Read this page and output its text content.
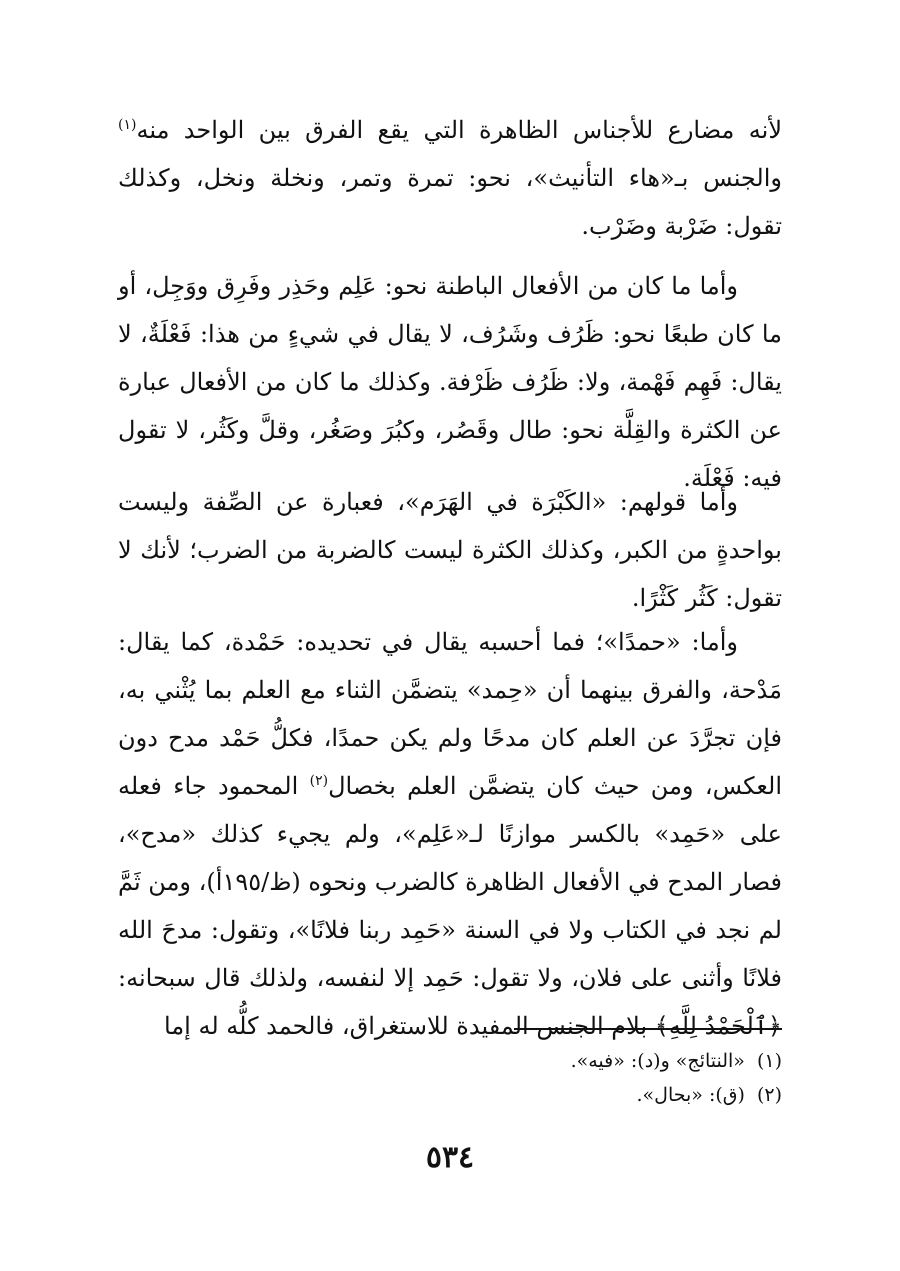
لأنه مضارع للأجناس الظاهرة التي يقع الفرق بين الواحد منه$^{(١)}$ والجنس بـ«هاء التأنيث»، نحو: تمرة وتمر، ونخلة ونخل، وكذلك تقول: ضَرْبة وضَرْب.

وأما ما كان من الأفعال الباطنة نحو: عَلِم وحَذِر وفَرِق ووَجِل، أو ما كان طبعًا نحو: ظَرُف وشَرُف، لا يقال في شيءٍ من هذا: فَعْلَةٌ، لا يقال: فَهِم فَهْمة، ولا: ظَرُف ظَرْفة. وكذلك ما كان من الأفعال عبارة عن الكثرة والقِلَّة نحو: طال وقَصُر، وكبُرَ وصَغُر، وقلَّ وكَثُر، لا تقول فيه: فَعْلَة.

وأما قولهم: «الكَبْرَة في الهَرَم»، فعبارة عن الصِّفة وليست بواحدةٍ من الكبر، وكذلك الكثرة ليست كالضربة من الضرب؛ لأنك لا تقول: كَثُر كَثْرًا.

وأما: «حمدًا»؛ فما أحسبه يقال في تحديده: حَمْدة، كما يقال: مَدْحة، والفرق بينهما أن «حِمد» يتضمَّن الثناء مع العلم بما يُثْني به، فإن تجرَّدَ عن العلم كان مدحًا ولم يكن حمدًا، فكلُّ حَمْد مدح دون العكس، ومن حيث كان يتضمَّن العلم بخصال$^{(٢)}$ المحمود جاء فعله على «حَمِد» بالكسر موازنًا لـ«عَلِم»، ولم يجيء كذلك «مدح»، فصار المدح في الأفعال الظاهرة كالضرب ونحوه (ظ/١٩٥أ)، ومن ثَمَّ لم نجد في الكتاب ولا في السنة «حَمِد ربنا فلانًا»، وتقول: مدحَ الله فلانًا وأثنى على فلان، ولا تقول: حَمِد إلا لنفسه، ولذلك قال سبحانه: ﴿ٱلْحَمْدُ لِلَّهِ﴾ بلام الجنس المفيدة للاستغراق، فالحمد كلُّه له إما

(١)«النتائج» و(د): «فيه».
(٢)(ق): «بحال».
٥٣٤
